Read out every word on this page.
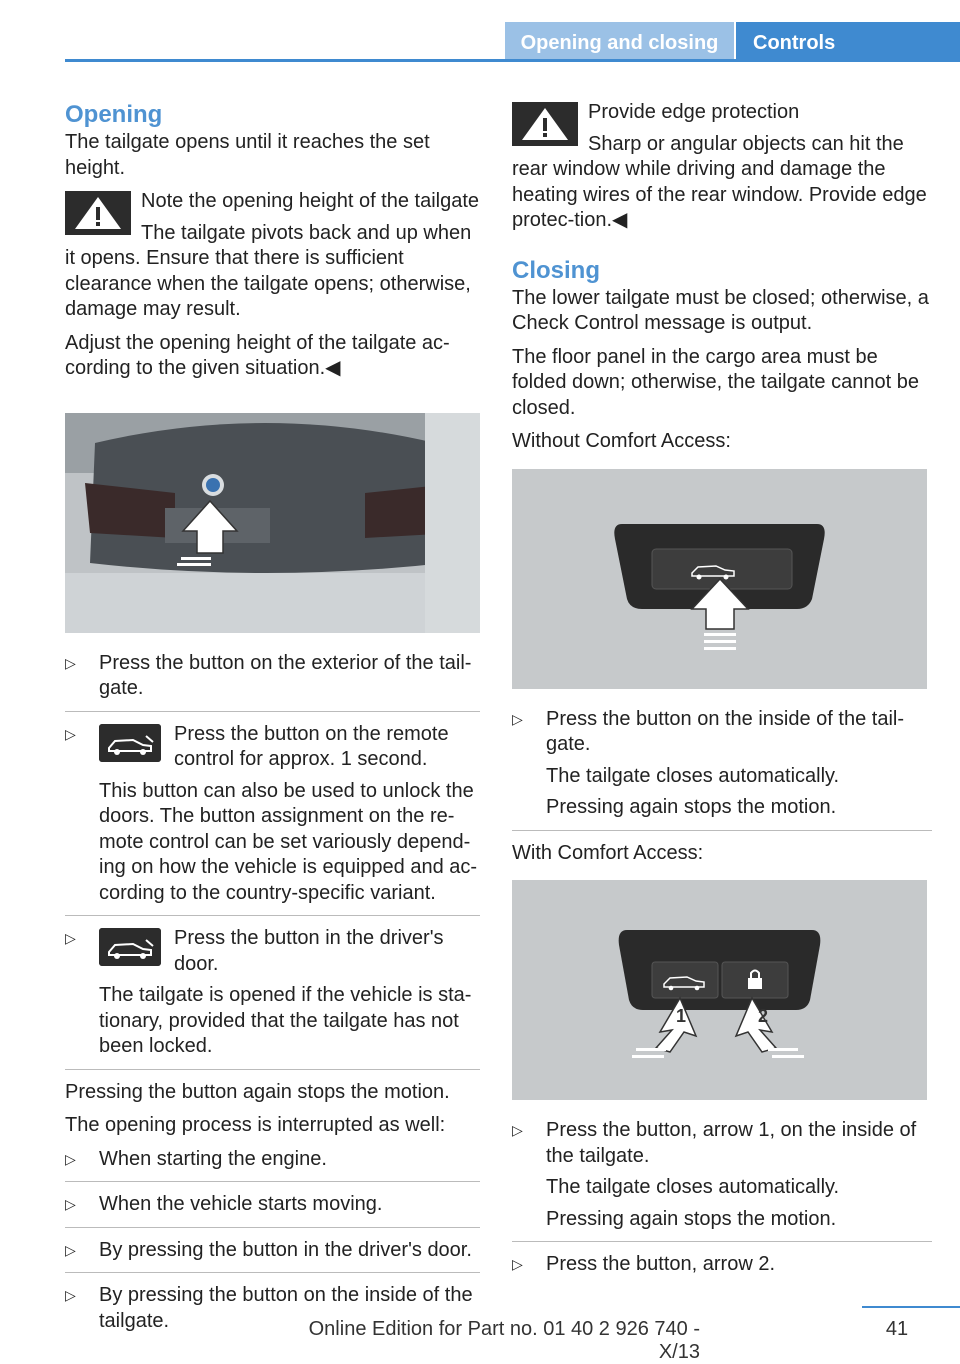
Opening and closing	Controls
Opening

The tailgate opens until it reaches the set height.

Note the opening height of the tailgate

The tailgate pivots back and up when it opens. Ensure that there is sufficient clearance when the tailgate opens; otherwise, damage may result.

Adjust the opening height of the tailgate ac‐cording to the given situation.◀

▷	Press the button on the exterior of the tail‐gate.
▷	Press the button on the remote control for approx. 1 second.
This button can also be used to unlock the doors. The button assignment on the re‐mote control can be set variously depend‐ing on how the vehicle is equipped and ac‐cording to the country-specific variant.
▷	Press the button in the driver's door.
The tailgate is opened if the vehicle is sta‐tionary, provided that the tailgate has not been locked.

Pressing the button again stops the motion.

The opening process is interrupted as well:

▷	When starting the engine.
▷	When the vehicle starts moving.
▷	By pressing the button in the driver's door.
▷	By pressing the button on the inside of the tailgate.

Provide edge protection

Sharp or angular objects can hit the rear window while driving and damage the heating wires of the rear window. Provide edge protec‐tion.◀

Closing

The lower tailgate must be closed; otherwise, a Check Control message is output.

The floor panel in the cargo area must be folded down; otherwise, the tailgate cannot be closed.

Without Comfort Access:

▷	Press the button on the inside of the tail‐gate.
The tailgate closes automatically.
Pressing again stops the motion.

With Comfort Access:

1	2
▷	Press the button, arrow 1, on the inside of the tailgate.
The tailgate closes automatically.
Pressing again stops the motion.
▷	Press the button, arrow 2.
Online Edition for Part no. 01 40 2 926 740 - X/13
41
